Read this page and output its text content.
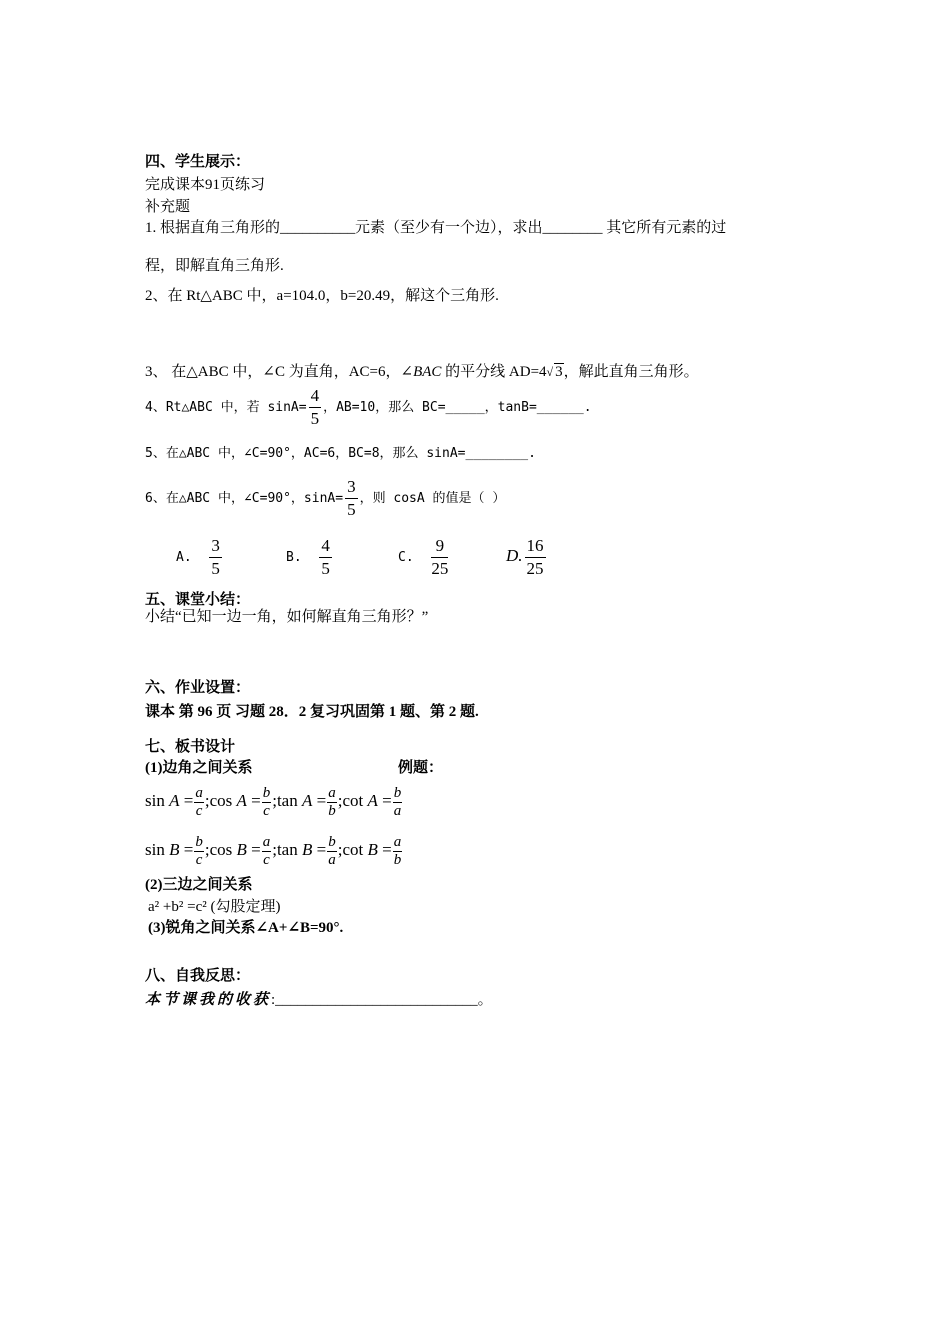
四、学生展示：
完成课本91页练习
补充题
1. 根据直角三角形的__________元素（至少有一个边），求出________ 其它所有元素的过
程，即解直角三角形.
2、在 Rt△ABC 中，a=104.0，b=20.49，解这个三角形.
3、 在△ABC 中，∠C 为直角，AC=6，∠BAC 的平分线 AD=4√ 3，解此直角三角形。
4、Rt△ABC 中，若 $\sin A= \frac{4}{5}$ ，AB=10，那么 BC=_____，tanB=______.
5、在△ABC 中，∠C=90°，AC=6，BC=8，那么 sinA=________.
6、在△ABC 中，∠C=90°，$\sin A= \frac{3}{5}$ ，则 cosA 的值是（ ）
A. $\frac{3}{5}$	B. $\frac{4}{5}$	C. $\frac{9}{25}$	D. $\frac{16}{25}$
五、课堂小结：
小结“已知一边一角，如何解直角三角形？”
六、作业设置：
课本 第 96 页 习题 28．2 复习巩固第 1 题、第 2 题.
七、板书设计
(1)边角之间关系	例题：
$\sin A = \frac{a}{c}$ ;cos $A = \frac{b}{c}$ ;tan $A = \frac{a}{b}$ ;cot $A = \frac{b}{a}$
$\sin B = \frac{b}{c}$ ;cos $B = \frac{a}{c}$ ;tan $B = \frac{b}{a}$ ;cot $B = \frac{a}{b}$
(2)三边之间关系
a² +b² =c² (勾股定理)
(3)锐角之间关系∠A+∠B=90°.
八、自我反思：
本节课我的收获:___________________________。
